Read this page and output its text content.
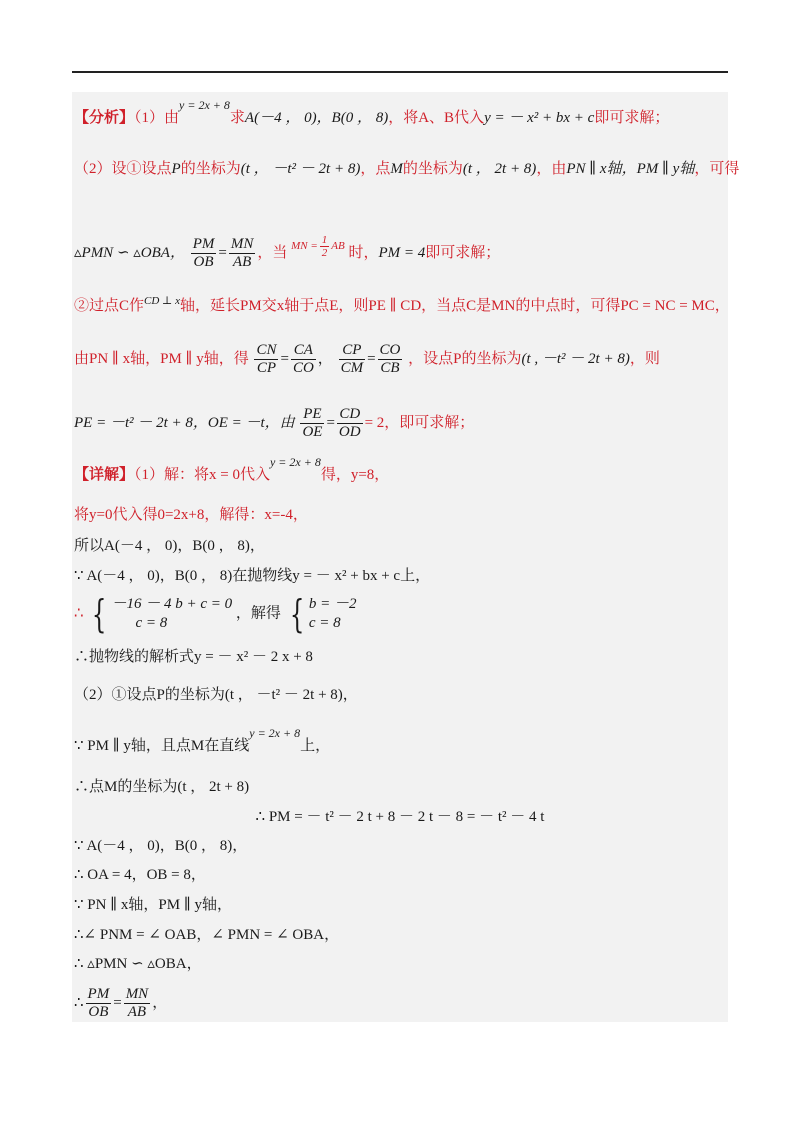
【分析】（1）由y = 2x + 8求A(－4 ， 0)，B(0 ， 8)，将A、B代入y = － x² + bx + c即可求解；
（2）设①设点P的坐标为(t ， －t² － 2t + 8)，点M的坐标为(t ， 2t + 8)，由PN ∥ x轴，PM ∥ y轴，可得
▵PMN ∽ ▵OBA， $\frac{PM}{OB} = \frac{MN}{AB}$ ，当 MN = $\frac{1}{2}$ AB 时，PM = 4即可求解；
②过点C作CD ⊥ x轴，延长PM交x轴于点E，则PE ∥ CD，当点C是MN的中点时，可得PC = NC = MC，
由PN ∥ x轴，PM ∥ y轴，得 $\frac{CN}{CP} = \frac{CA}{CO}$ ， $\frac{CP}{CM} = \frac{CO}{CB}$ ，设点P的坐标为(t , －t² － 2t + 8)，则
PE = －t² － 2t + 8，OE = －t，由 $\frac{PE}{OE} = \frac{CD}{OD} = 2$，即可求解；
【详解】（1）解：将x = 0代入y = 2x + 8得，y=8，
将y=0代入得0=2x+8，解得：x=-4，
所以A(－4 ， 0)，B(0 ， 8)，
∵ A(－4 ， 0)，B(0 ， 8)在抛物线y = － x² + bx + c上，
∴ { －16 － 4 b + c = 0
c = 8
，解得 { b = －2
c = 8
∴抛物线的解析式y = － x² － 2 x + 8
（2）①设点P的坐标为(t ， －t² － 2t + 8)，
∵ PM ∥ y轴，且点M在直线y = 2x + 8上，
∴点M的坐标为(t ， 2t + 8)
∴ PM = － t² － 2 t + 8 － 2 t － 8 = － t² － 4 t
∵ A(－4 ， 0)，B(0 ， 8)，
∴ OA = 4，OB = 8，
∵ PN ∥ x轴，PM ∥ y轴，
∴∠ PNM = ∠ OAB，∠ PMN = ∠ OBA，
∴ ▵PMN ∽ ▵OBA，
∴ $\frac{PM}{OB} = \frac{MN}{AB}$ ，
